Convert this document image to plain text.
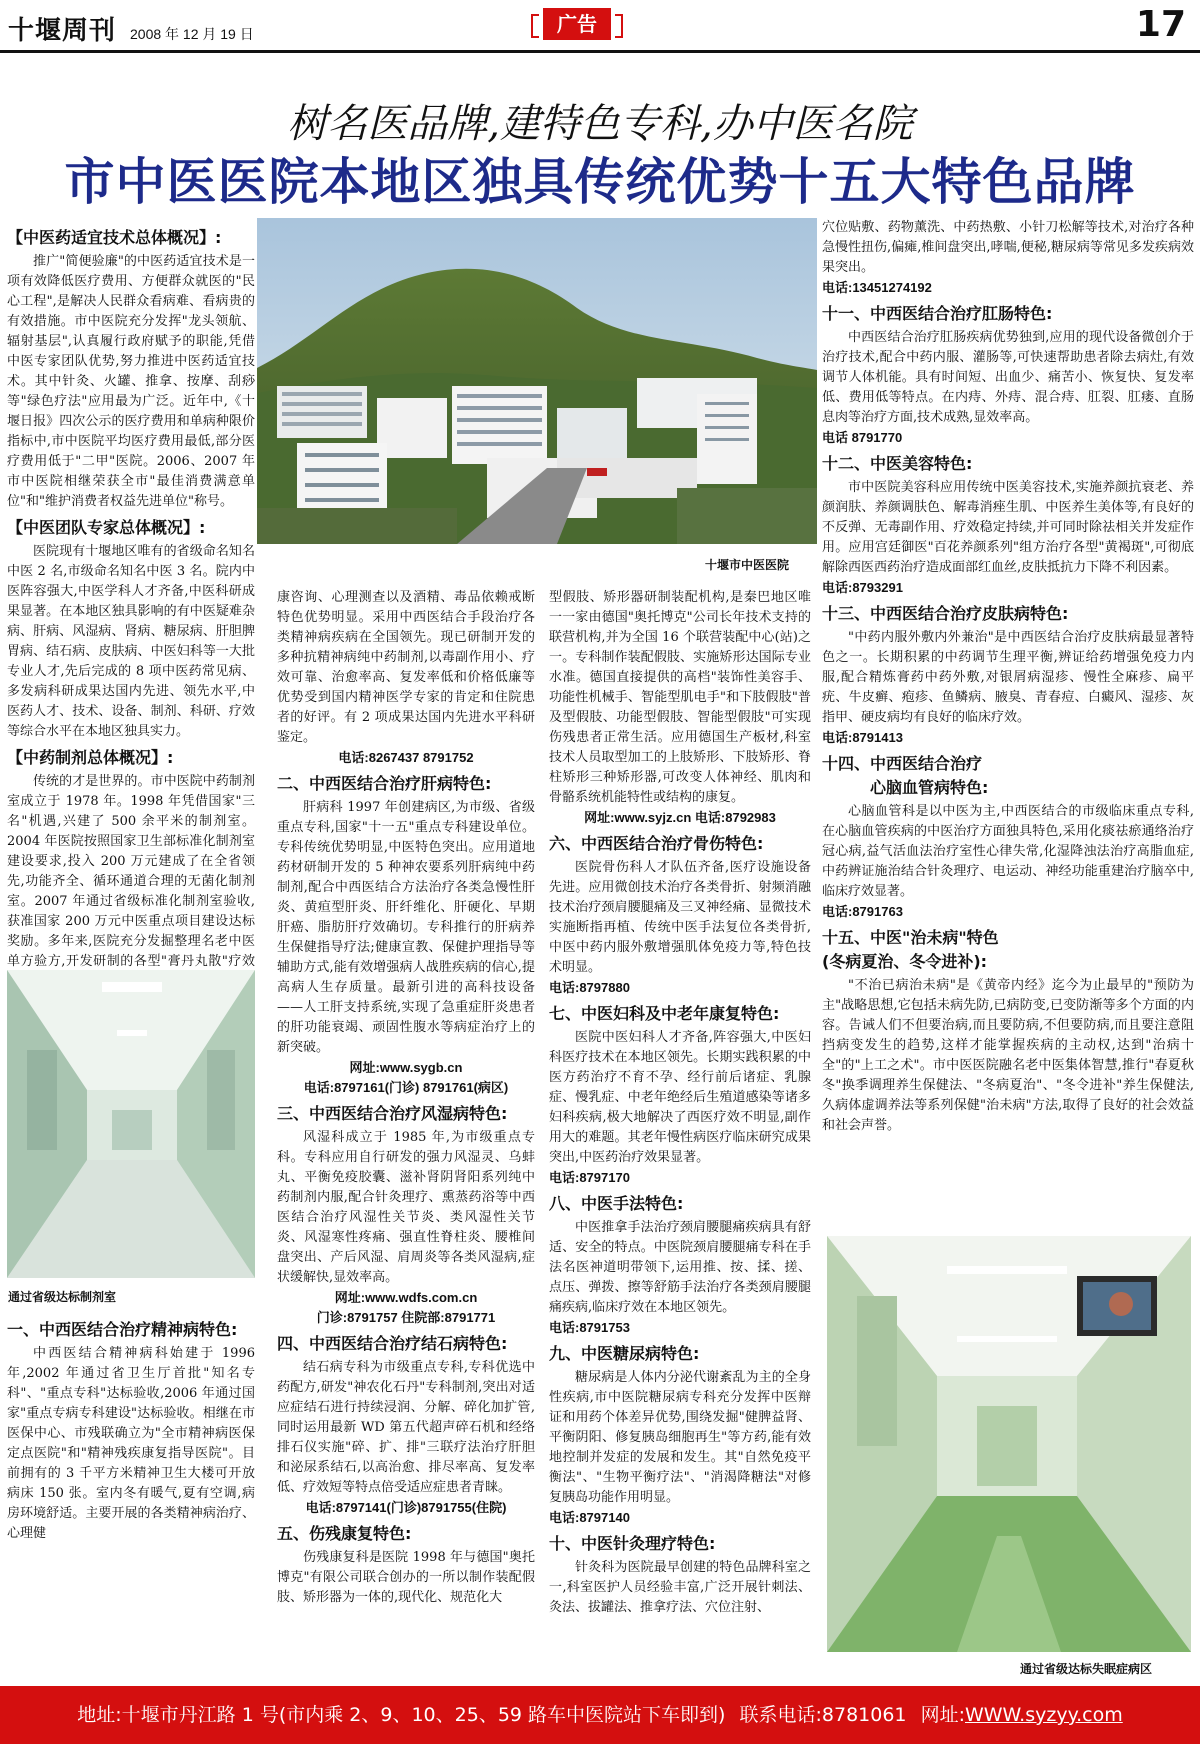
十堰周刊 2008 年 12 月 19 日	广告	17
树名医品牌,建特色专科,办中医名院
市中医医院本地区独具传统优势十五大特色品牌
十堰市中医医院
【中医药适宜技术总体概况】:

推广"简便验廉"的中医药适宜技术是一项有效降低医疗费用、方便群众就医的"民心工程",是解决人民群众看病难、看病贵的有效措施。市中医院充分发挥"龙头领航、辐射基层",认真履行政府赋予的职能,凭借中医专家团队优势,努力推进中医药适宜技术。其中针灸、火罐、推拿、按摩、刮痧等"绿色疗法"应用最为广泛。近年中,《十堰日报》四次公示的医疗费用和单病种限价指标中,市中医院平均医疗费用最低,部分医疗费用低于"二甲"医院。2006、2007 年市中医院相继荣获全市"最佳消费满意单位"和"维护消费者权益先进单位"称号。

【中医团队专家总体概况】:

医院现有十堰地区唯有的省级命名知名中医 2 名,市级命名知名中医 3 名。院内中医阵容强大,中医学科人才齐备,中医科研成果显著。在本地区独具影响的有中医疑难杂病、肝病、风湿病、肾病、糖尿病、肝胆脾胃病、结石病、皮肤病、中医妇科等一大批专业人才,先后完成的 8 项中医药常见病、多发病科研成果达国内先进、领先水平,中医药人才、技术、设备、制剂、科研、疗效等综合水平在本地区独具实力。

【中药制剂总体概况】:

传统的才是世界的。市中医院中药制剂室成立于 1978 年。1998 年凭借国家"三名"机遇,兴建了 500 余平米的制剂室。2004 年医院按照国家卫生部标准化制剂室建设要求,投入 200 万元建成了在全省领先,功能齐全、循环通道合理的无菌化制剂室。2007 年通过省级标准化制剂室验收,获准国家 200 万元中医重点项目建设达标奖励。多年来,医院充分发掘整理名老中医单方验方,开发研制的各型"膏丹丸散"疗效

通过省级达标制剂室
一、中西医结合治疗精神病特色:

中西医结合精神病科始建于 1996 年,2002 年通过省卫生厅首批"知名专科"、"重点专科"达标验收,2006 年通过国家"重点专病专科建设"达标验收。相继在市医保中心、市残联确立为"全市精神病医保定点医院"和"精神残疾康复指导医院"。目前拥有的 3 千平方米精神卫生大楼可开放病床 150 张。室内冬有暖气,夏有空调,病房环境舒适。主要开展的各类精神病治疗、心理健

康咨询、心理测查以及酒精、毒品依赖戒断特色优势明显。采用中西医结合手段治疗各类精神病疾病在全国领先。现已研制开发的多种抗精神病纯中药制剂,以毒副作用小、疗效可靠、治愈率高、复发率低和价格低廉等优势受到国内精神医学专家的肯定和住院患者的好评。有 2 项成果达国内先进水平科研鉴定。

电话:8267437 8791752

二、中西医结合治疗肝病特色:

肝病科 1997 年创建病区,为市级、省级重点专科,国家"十一五"重点专科建设单位。专科传统优势明显,中医特色突出。应用道地药材研制开发的 5 种神农要系列肝病纯中药制剂,配合中西医结合方法治疗各类急慢性肝炎、黄疸型肝炎、肝纤维化、肝硬化、早期肝癌、脂肪肝疗效确切。专科推行的肝病养生保健指导疗法;健康宣教、保健护理指导等辅助方式,能有效增强病人战胜疾病的信心,提高病人生存质量。最新引进的高科技设备——人工肝支持系统,实现了急重症肝炎患者的肝功能衰竭、顽固性腹水等病症治疗上的新突破。

网址:www.sygb.cn

电话:8797161(门诊) 8791761(病区)

三、中西医结合治疗风湿病特色:

风湿科成立于 1985 年,为市级重点专科。专科应用自行研发的强力风湿灵、乌蚌丸、平衡免疫胶囊、滋补肾阴肾阳系列纯中药制剂内服,配合针灸理疗、熏蒸药浴等中西医结合治疗风湿性关节炎、类风湿性关节炎、风湿寒性疼痛、强直性脊柱炎、腰椎间盘突出、产后风湿、肩周炎等各类风湿病,症状缓解快,显效率高。

网址:www.wdfs.com.cn

门诊:8791757 住院部:8791771

四、中西医结合治疗结石病特色:

结石病专科为市级重点专科,专科优选中药配方,研发"神农化石丹"专科制剂,突出对适应症结石进行持续浸润、分解、碎化加扩管,同时运用最新 WD 第五代超声碎石机和经络排石仪实施"碎、扩、排"三联疗法治疗肝胆和泌尿系结石,以高治愈、排尽率高、复发率低、疗效短等特点倍受适应症患者青睐。

电话:8797141(门诊)8791755(住院)

五、伤残康复特色:

伤残康复科是医院 1998 年与德国"奥托博克"有限公司联合创办的一所以制作装配假肢、矫形器为一体的,现代化、规范化大

型假肢、矫形器研制装配机构,是秦巴地区唯一一家由德国"奥托博克"公司长年技术支持的联营机构,并为全国 16 个联营装配中心(站)之一。专科制作装配假肢、实施矫形达国际专业水准。德国直接提供的高档"装饰性美容手、功能性机械手、智能型肌电手"和下肢假肢"普及型假肢、功能型假肢、智能型假肢"可实现伤残患者正常生活。应用德国生产板材,科室技术人员取型加工的上肢矫形、下肢矫形、脊柱矫形三种矫形器,可改变人体神经、肌肉和骨骼系统机能特性或结构的康复。

网址:www.syjz.cn 电话:8792983

六、中西医结合治疗骨伤特色:

医院骨伤科人才队伍齐备,医疗设施设备先进。应用微创技术治疗各类骨折、射频消融技术治疗颈肩腰腿痛及三叉神经痛、显微技术实施断指再植、传统中医手法复位各类骨折,中医中药内服外敷增强肌体免疫力等,特色技术明显。

电话:8797880

七、中医妇科及中老年康复特色:

医院中医妇科人才齐备,阵容强大,中医妇科医疗技术在本地区领先。长期实践积累的中医方药治疗不育不孕、经行前后诸症、乳腺症、慢乳症、中老年绝经后生殖道感染等诸多妇科疾病,极大地解决了西医疗效不明显,副作用大的难题。其老年慢性病医疗临床研究成果突出,中医药治疗效果显著。

电话:8797170

八、中医手法特色:

中医推拿手法治疗颈肩腰腿痛疾病具有舒适、安全的特点。中医院颈肩腰腿痛专科在手法名医神道明带领下,运用推、按、揉、搓、点压、弹拨、擦等舒筋手法治疗各类颈肩腰腿痛疾病,临床疗效在本地区领先。

电话:8791753

九、中医糖尿病特色:

糖尿病是人体内分泌代谢紊乱为主的全身性疾病,市中医院糖尿病专科充分发挥中医辩证和用药个体差异优势,围绕发掘"健脾益肾、平衡阴阳、修复胰岛细胞再生"等方药,能有效地控制并发症的发展和发生。其"自然免疫平衡法"、"生物平衡疗法"、"消渴降糖法"对修复胰岛功能作用明显。

电话:8797140

十、中医针灸理疗特色:

针灸科为医院最早创建的特色品牌科室之一,科室医护人员经验丰富,广泛开展针刺法、灸法、拔罐法、推拿疗法、穴位注射、

穴位贴敷、药物薰洗、中药热敷、小针刀松解等技术,对治疗各种急慢性扭伤,偏瘫,椎间盘突出,哮喘,便秘,糖尿病等常见多发疾病效果突出。

电话:13451274192

十一、中西医结合治疗肛肠特色:

中西医结合治疗肛肠疾病优势独到,应用的现代设备微创介于治疗技术,配合中药内服、灌肠等,可快速帮助患者除去病灶,有效调节人体机能。具有时间短、出血少、痛苦小、恢复快、复发率低、费用低等特点。在内痔、外痔、混合痔、肛裂、肛瘘、直肠息肉等治疗方面,技术成熟,显效率高。

电话 8791770

十二、中医美容特色:

市中医院美容科应用传统中医美容技术,实施养颜抗衰老、养颜润肤、养颜调肤色、解毒消痤生肌、中医养生美体等,有良好的不反弹、无毒副作用、疗效稳定持续,并可同时除祛相关并发症作用。应用宫廷御医"百花养颜系列"组方治疗各型"黄褐斑",可彻底解除西医西药治疗造成面部红血丝,皮肤抵抗力下降不利因素。

电话:8793291

十三、中西医结合治疗皮肤病特色:

"中药内服外敷内外兼治"是中西医结合治疗皮肤病最显著特色之一。长期积累的中药调节生理平衡,辨证给药增强免疫力内服,配合精炼膏药中药外敷,对银屑病湿疹、慢性全麻疹、扁平疣、牛皮癣、疱疹、鱼鳞病、腋臭、青春痘、白癜风、湿疹、灰指甲、硬皮病均有良好的临床疗效。

电话:8791413

十四、中西医结合治疗
心脑血管病特色:

心脑血管科是以中医为主,中西医结合的市级临床重点专科,在心脑血管疾病的中医治疗方面独具特色,采用化痰祛瘀通络治疗冠心病,益气活血法治疗室性心律失常,化湿降浊法治疗高脂血症,中药辨证施治结合针灸理疗、电运动、神经功能重建治疗脑卒中,临床疗效显著。

电话:8791763

十五、中医"治未病"特色
(冬病夏治、冬令进补):

"不治已病治未病"是《黄帝内经》迄今为止最早的"预防为主"战略思想,它包括未病先防,已病防变,已变防渐等多个方面的内容。告诫人们不但要治病,而且要防病,不但要防病,而且要注意阻挡病变发生的趋势,这样才能掌握疾病的主动权,达到"治病十全"的"上工之术"。市中医医院融名老中医集体智慧,推行"春夏秋冬"换季调理养生保健法、"冬病夏治"、"冬令进补"养生保健法,久病体虚调养法等系列保健"治未病"方法,取得了良好的社会效益和社会声誉。

通过省级达标失眠症病区
地址:十堰市丹江路 1 号(市内乘 2、9、10、25、59 路车中医院站下车即到) 联系电话:8781061 网址:WWW.syzyy.com
